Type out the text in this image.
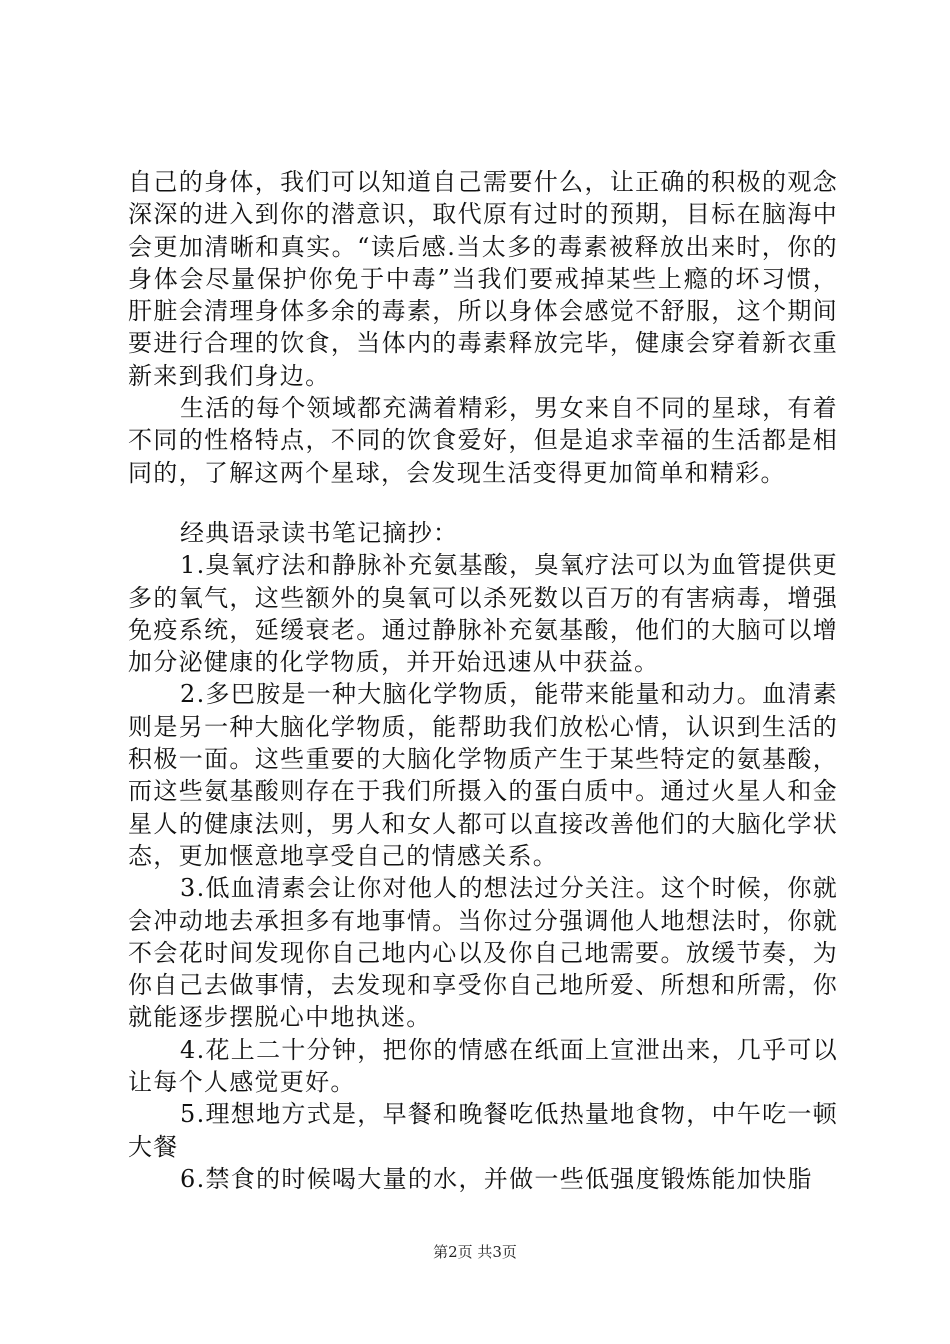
自己的身体，我们可以知道自己需要什么，让正确的积极的观念深深的进入到你的潜意识，取代原有过时的预期，目标在脑海中会更加清晰和真实。“读后感.当太多的毒素被释放出来时，你的身体会尽量保护你免于中毒”当我们要戒掉某些上瘾的坏习惯，肝脏会清理身体多余的毒素，所以身体会感觉不舒服，这个期间要进行合理的饮食，当体内的毒素释放完毕，健康会穿着新衣重新来到我们身边。

生活的每个领域都充满着精彩，男女来自不同的星球，有着不同的性格特点，不同的饮食爱好，但是追求幸福的生活都是相同的，了解这两个星球，会发现生活变得更加简单和精彩。

经典语录读书笔记摘抄：

1.臭氧疗法和静脉补充氨基酸，臭氧疗法可以为血管提供更多的氧气，这些额外的臭氧可以杀死数以百万的有害病毒，增强免疫系统，延缓衰老。通过静脉补充氨基酸，他们的大脑可以增加分泌健康的化学物质，并开始迅速从中获益。

2.多巴胺是一种大脑化学物质，能带来能量和动力。血清素则是另一种大脑化学物质，能帮助我们放松心情，认识到生活的积极一面。这些重要的大脑化学物质产生于某些特定的氨基酸，而这些氨基酸则存在于我们所摄入的蛋白质中。通过火星人和金星人的健康法则，男人和女人都可以直接改善他们的大脑化学状态，更加惬意地享受自己的情感关系。

3.低血清素会让你对他人的想法过分关注。这个时候，你就会冲动地去承担多有地事情。当你过分强调他人地想法时，你就不会花时间发现你自己地内心以及你自己地需要。放缓节奏，为你自己去做事情，去发现和享受你自己地所爱、所想和所需，你就能逐步摆脱心中地执迷。

4.花上二十分钟，把你的情感在纸面上宣泄出来，几乎可以让每个人感觉更好。

5.理想地方式是，早餐和晚餐吃低热量地食物，中午吃一顿大餐

6.禁食的时候喝大量的水，并做一些低强度锻炼能加快脂

第2页 共3页
